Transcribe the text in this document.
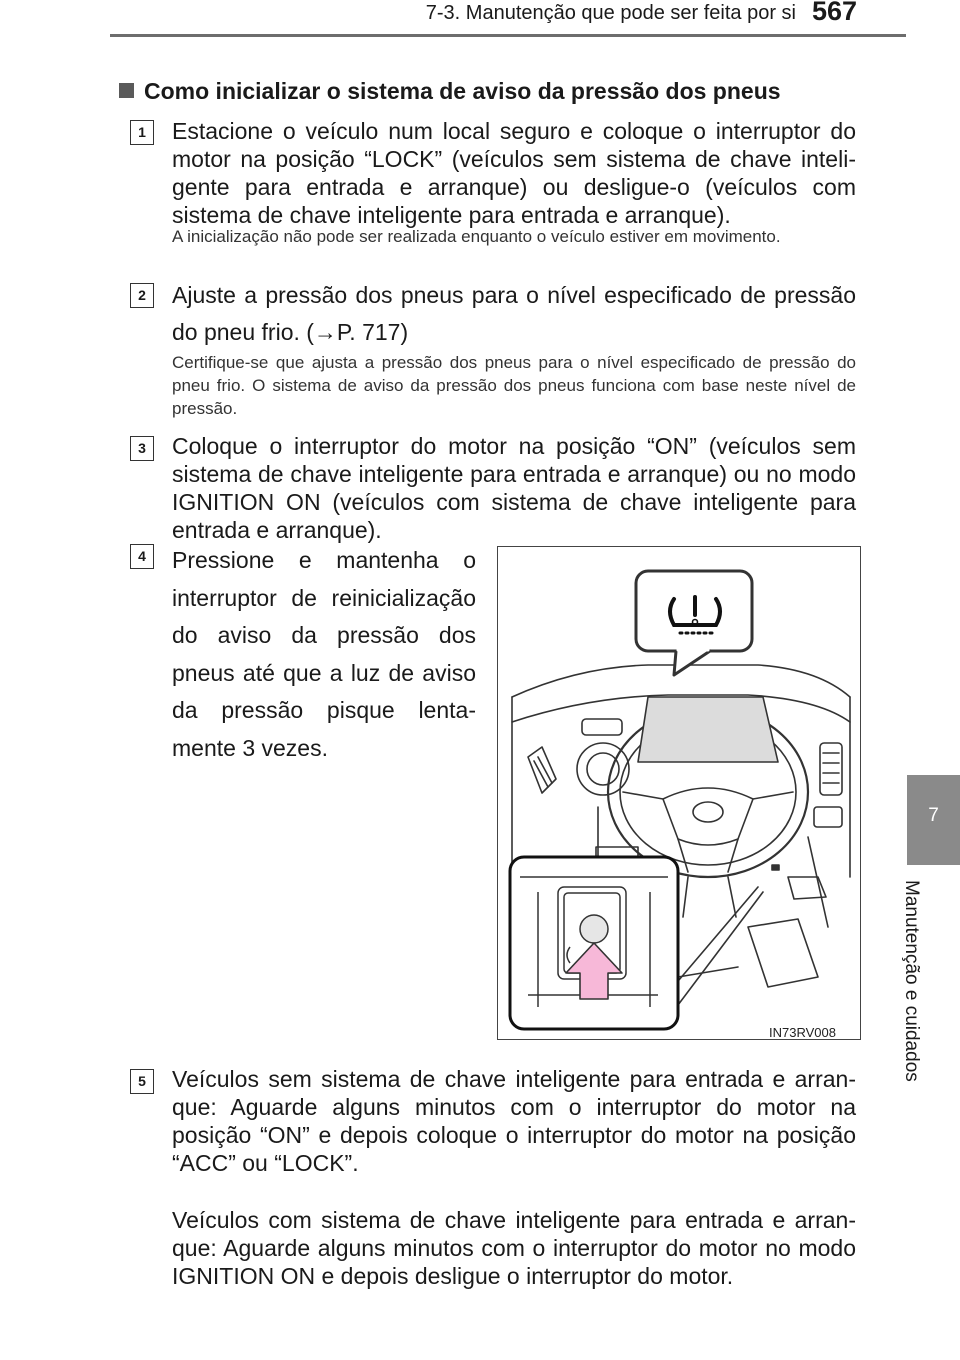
7-3. Manutenção que pode ser feita por si 567
7
Manutenção e cuidados
Como inicializar o sistema de aviso da pressão dos pneus
1	Estacione o veículo num local seguro e coloque o interruptor do motor na posição “LOCK” (veículos sem sistema de chave inteligente para entrada e arranque) ou desligue-o (veículos com sistema de chave inteligente para entrada e arranque).
A inicialização não pode ser realizada enquanto o veículo estiver em movimento.
2	Ajuste a pressão dos pneus para o nível especificado de pressão do pneu frio. (→P. 717)
Certifique-se que ajusta a pressão dos pneus para o nível especificado de pressão do pneu frio. O sistema de aviso da pressão dos pneus funciona com base neste nível de pressão.
3	Coloque o interruptor do motor na posição “ON” (veículos sem sistema de chave inteligente para entrada e arranque) ou no modo IGNITION ON (veículos com sistema de chave inteligente para entrada e arranque).
4	Pressione e mantenha o interruptor de reinicialização do aviso da pressão dos pneus até que a luz de aviso da pressão pisque lentamente 3 vezes.
IN73RV008
5	Veículos sem sistema de chave inteligente para entrada e arranque: Aguarde alguns minutos com o interruptor do motor na posição “ON” e depois coloque o interruptor do motor na posição “ACC” ou “LOCK”.
Veículos com sistema de chave inteligente para entrada e arranque: Aguarde alguns minutos com o interruptor do motor no modo IGNITION ON e depois desligue o interruptor do motor.
